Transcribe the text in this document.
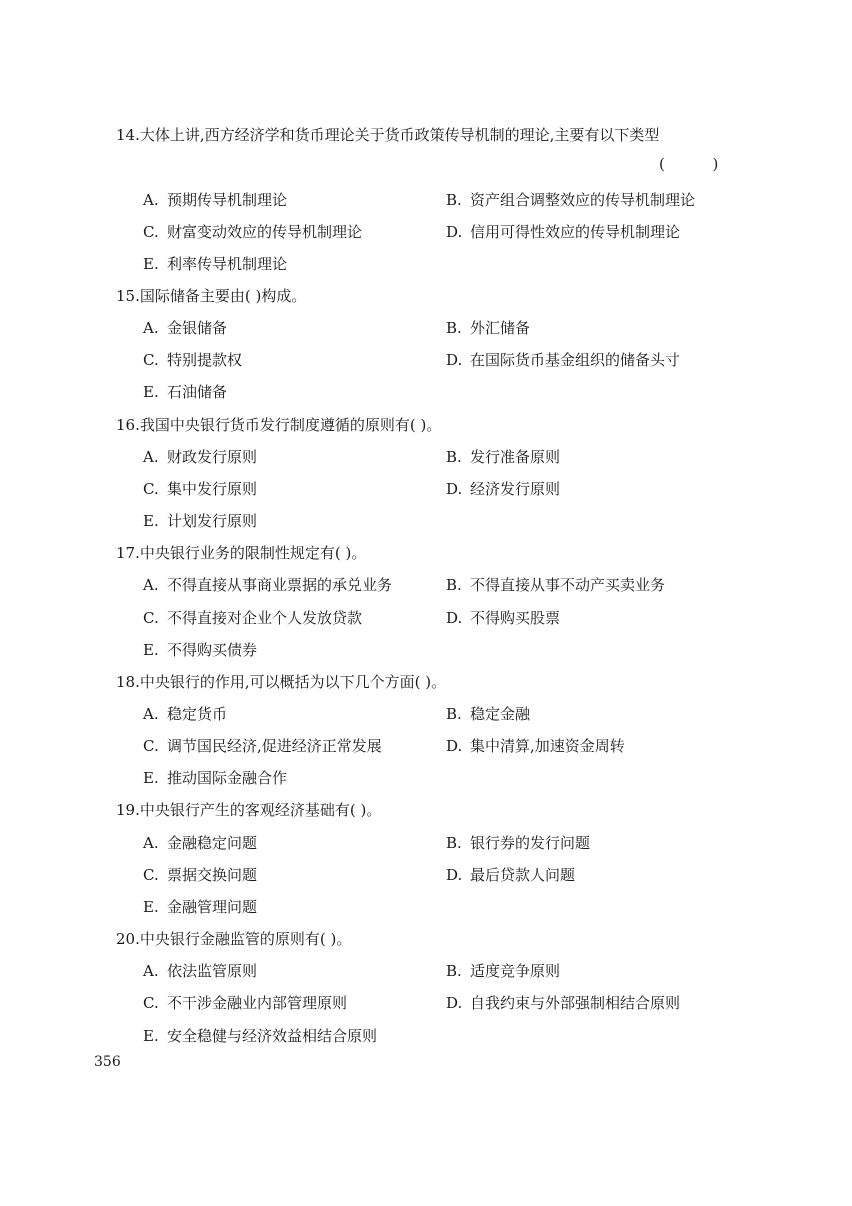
14.大体上讲,西方经济学和货币理论关于货币政策传导机制的理论,主要有以下类型
(          )
A. 预期传导机制理论	B. 资产组合调整效应的传导机制理论
C. 财富变动效应的传导机制理论	D. 信用可得性效应的传导机制理论
E. 利率传导机制理论
15.国际储备主要由( )构成。
A. 金银储备	B. 外汇储备
C. 特别提款权	D. 在国际货币基金组织的储备头寸
E. 石油储备
16.我国中央银行货币发行制度遵循的原则有( )。
A. 财政发行原则	B. 发行准备原则
C. 集中发行原则	D. 经济发行原则
E. 计划发行原则
17.中央银行业务的限制性规定有( )。
A. 不得直接从事商业票据的承兑业务	B. 不得直接从事不动产买卖业务
C. 不得直接对企业个人发放贷款	D. 不得购买股票
E. 不得购买债券
18.中央银行的作用,可以概括为以下几个方面( )。
A. 稳定货币	B. 稳定金融
C. 调节国民经济,促进经济正常发展	D. 集中清算,加速资金周转
E. 推动国际金融合作
19.中央银行产生的客观经济基础有( )。
A. 金融稳定问题	B. 银行券的发行问题
C. 票据交换问题	D. 最后贷款人问题
E. 金融管理问题
20.中央银行金融监管的原则有( )。
A. 依法监管原则	B. 适度竞争原则
C. 不干涉金融业内部管理原则	D. 自我约束与外部强制相结合原则
E. 安全稳健与经济效益相结合原则
356
